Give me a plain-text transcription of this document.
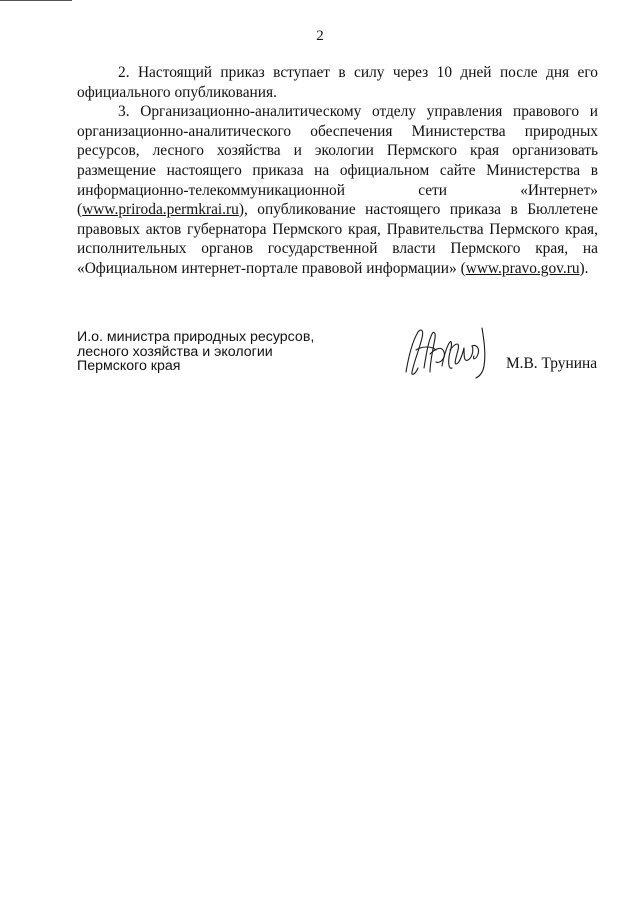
2

2. Настоящий приказ вступает в силу через 10 дней после дня его официального опубликования.

3. Организационно-аналитическому отделу управления правового и организационно-аналитического обеспечения Министерства природных ресурсов, лесного хозяйства и экологии Пермского края организовать размещение настоящего приказа на официальном сайте Министерства в информационно-телекоммуникационной сети «Интернет» (www.priroda.permkrai.ru), опубликование настоящего приказа в Бюллетене правовых актов губернатора Пермского края, Правительства Пермского края, исполнительных органов государственной власти Пермского края, на «Официальном интернет-портале правовой информации» (www.pravo.gov.ru).

И.о. министра природных ресурсов,
лесного хозяйства и экологии
Пермского края	М.В. Трунина
